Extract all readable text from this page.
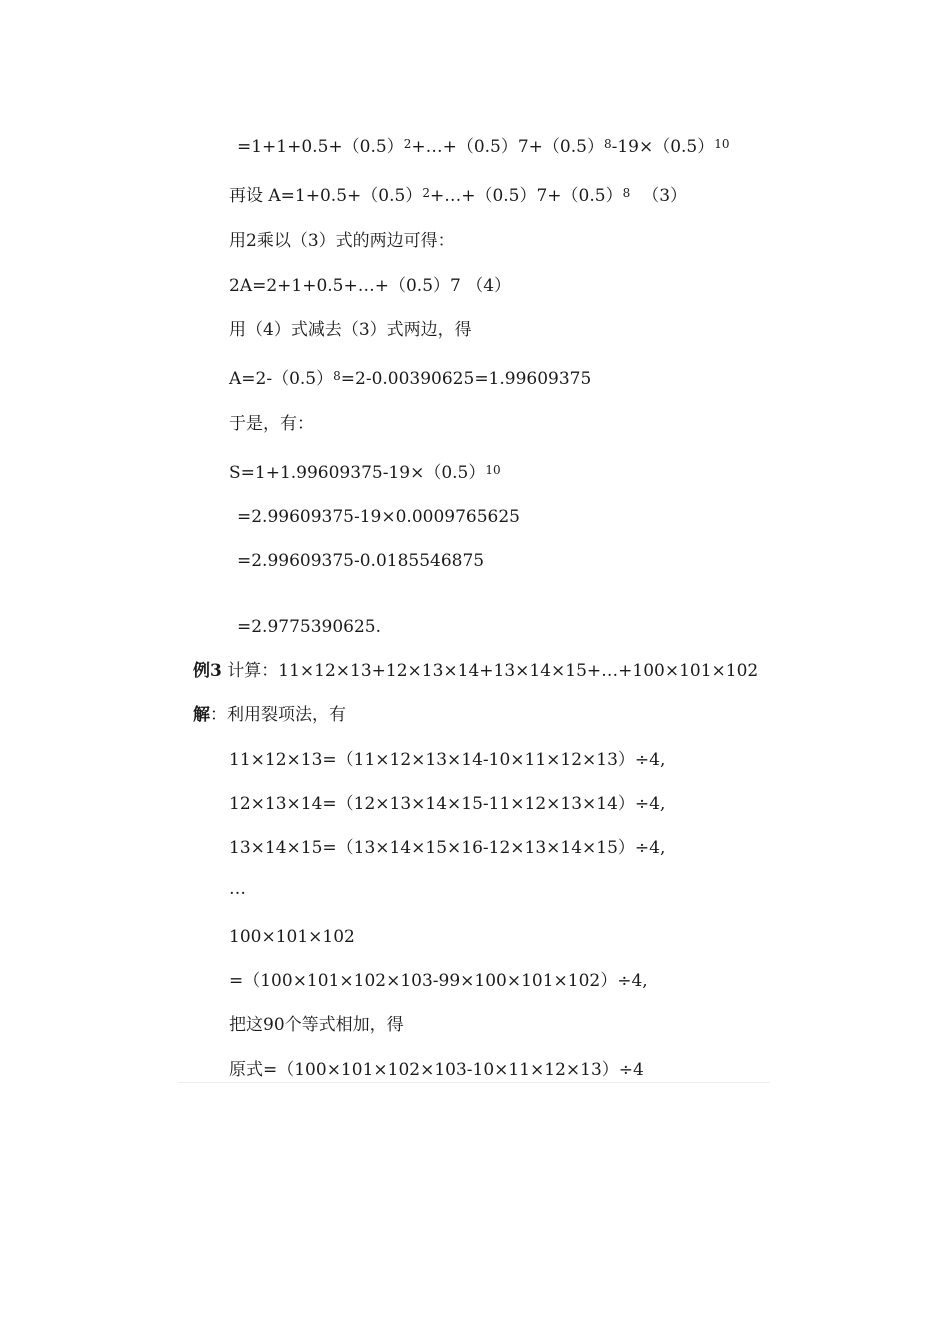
$=1+1+0.5+(0.5)^2+\dots+(0.5)7+(0.5)^8-19\times(0.5)^{10}$
再设 $A=1+0.5+(0.5)^2+\dots+(0.5)7+(0.5)^8$ （3）
用2乘以（3）式的两边可得：
2A=2+1+0.5+…+（0.5）7 （4）
用（4）式减去（3）式两边，得
$A=2-(0.5)^8=2-0.00390625=1.99609375$
于是，有：
$S=1+1.99609375-19\times(0.5)^{10}$
=2.99609375-19×0.0009765625
=2.99609375-0.0185546875
=2.9775390625.
例3 计算：11×12×13+12×13×14+13×14×15+…+100×101×102
解：利用裂项法，有
11×12×13=（11×12×13×14-10×11×12×13）÷4,
12×13×14=（12×13×14×15-11×12×13×14）÷4,
13×14×15=（13×14×15×16-12×13×14×15）÷4,
…
100×101×102
=（100×101×102×103-99×100×101×102）÷4,
把这90个等式相加，得
原式=（100×101×102×103-10×11×12×13）÷4
